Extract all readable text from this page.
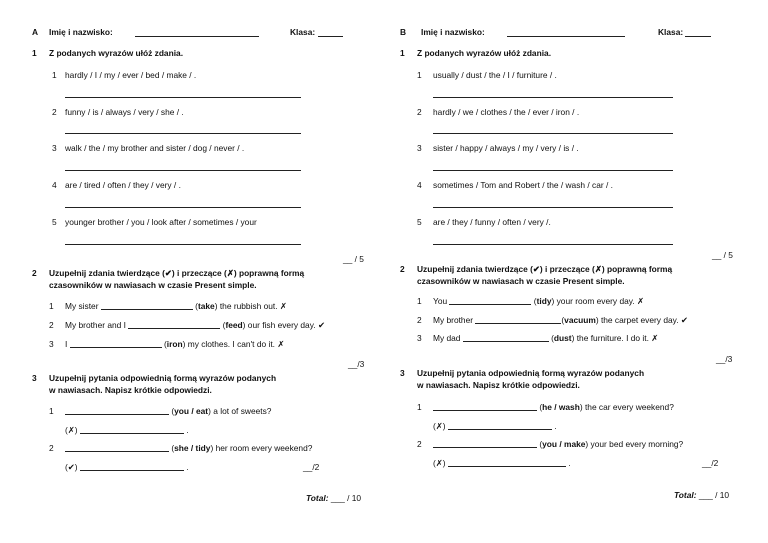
A Imię i nazwisko:	Klasa:
1 Z podanych wyrazów ułóż zdania.
1 hardly / I / my / ever / bed / make / .
2 funny / is / always / very / she / .
3 walk / the / my brother and sister / dog / never / .
4 are / tired / often / they / very / .
5 younger brother / you / look after / sometimes / your
__ / 5
2 Uzupełnij zdania twierdzące (✔) i przeczące (✗) poprawną formą
czasowników w nawiasach w czasie Present simple.
1 My sister	(take) the rubbish out. ✗
2 My brother and I	(feed) our fish every day. ✔
3 I	(iron) my clothes. I can't do it. ✗
__/3
3 Uzupełnij pytania odpowiednią formą wyrazów podanych
w nawiasach. Napisz krótkie odpowiedzi.
1	(you / eat) a lot of sweets?
(✗)	.
2	(she / tidy) her room every weekend?
(✔)	.	__/2
Total: ___ / 10
B Imię i nazwisko:	Klasa:
1 Z podanych wyrazów ułóż zdania.
1 usually / dust / the / I / furniture / .
2 hardly / we / clothes / the / ever / iron / .
3 sister / happy / always / my / very / is / .
4 sometimes / Tom and Robert / the / wash / car / .
5 are / they / funny / often / very /.
__ / 5
2 Uzupełnij zdania twierdzące (✔) i przeczące (✗) poprawną formą
czasowników w nawiasach w czasie Present simple.
1 You	(tidy) your room every day. ✗
2 My brother	(vacuum) the carpet every day. ✔
3 My dad	(dust) the furniture. I do it. ✗
__/3
3 Uzupełnij pytania odpowiednią formą wyrazów podanych
w nawiasach. Napisz krótkie odpowiedzi.
1	(he / wash) the car every weekend?
(✗)	.
2	(you / make) your bed every morning?
(✗)	.	__/2
Total: ___ / 10
